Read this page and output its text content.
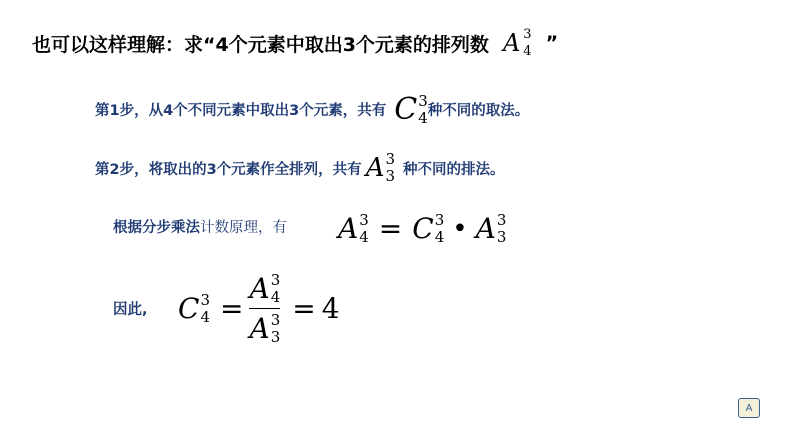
也可以这样理解：求“4个元素中取出3个元素的排列数 A 3
4 ”
第1步，从4个不同元素中取出3个元素，共有 C 3
4 种不同的取法。
第2步，将取出的3个元素作全排列，共有 A 3
3 种不同的排法。
根据分步乘法 计数原理，有 A 3
4 = C 3
4 • A 3
3
因此, C 3
4 = A 3
4
A 3
3 = 4
A
